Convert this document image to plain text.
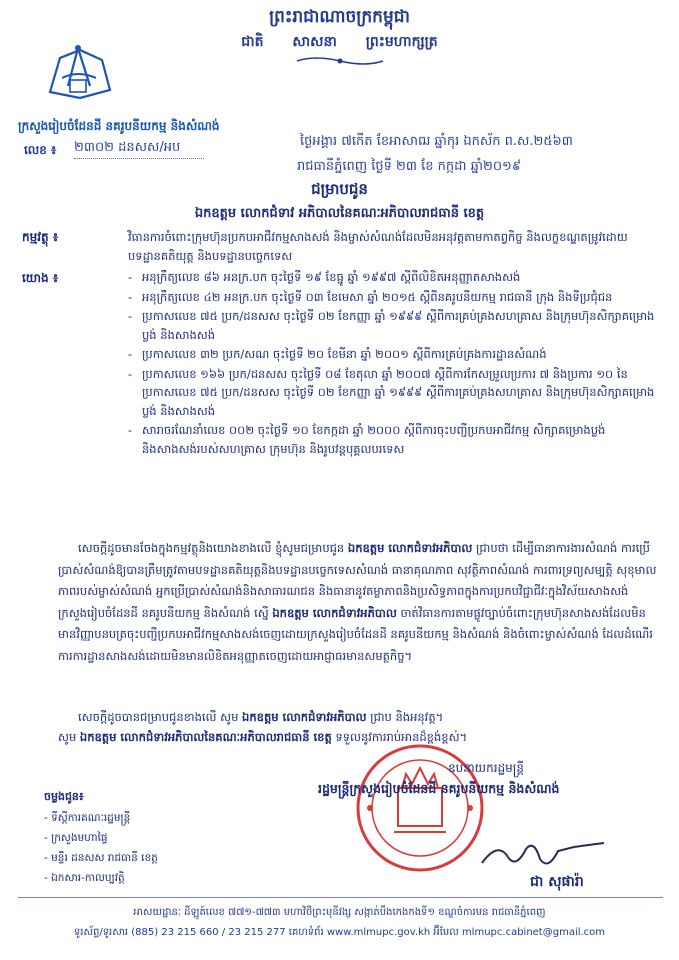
ព្រះរាជាណាចក្រកម្ពុជា
ជាតិ សាសនា ព្រះមហាក្សត្រ
ក្រសួងរៀបចំដែនដី នគរូបនីយកម្ម និងសំណង់
លេខ ៖ ២៣០២ ដនសស/អប	ថ្ងៃអង្គារ ៧កើត ខែអាសាឍ ឆ្នាំកុរ ឯកស័ក ព.ស.២៥៦៣
រាជធានីភ្នំពេញ ថ្ងៃទី ២៣ ខែ កក្កដា ឆ្នាំ២០១៩
ជម្រាបជូន
ឯកឧត្តម លោកជំទាវ អភិបាលនៃគណៈអភិបាលរាជធានី ខេត្ត
កម្មវត្ថុ ៖	វិធានការចំពោះក្រុមហ៊ុនប្រកបអាជីវកម្មសាងសង់ និងម្ចាស់សំណង់ដែលមិនអនុវត្តតាមកាតព្វកិច្ច និងលក្ខខណ្ឌតម្រូវដោយបទដ្ឋានគតិយុត្ត និងបទដ្ឋានបច្ចេកទេស
យោង ៖
-	អនុក្រឹត្យលេខ ៨៦ អនក្រ.បក ចុះថ្ងៃទី ១៩ ខែធ្នូ ឆ្នាំ ១៩៩៧ ស្តីពីលិខិតអនុញ្ញាតសាងសង់
- អនុក្រឹត្យលេខ ៤២ អនក្រ.បក ចុះថ្ងៃទី ០៣ ខែមេសា ឆ្នាំ ២០១៥ ស្តីពីនគរូបនីយកម្ម រាជធានី ក្រុង និងទីប្រជុំជន
- ប្រកាសលេខ ៧៥ ប្រក/ដនសស ចុះថ្ងៃទី ០២ ខែកញ្ញា ឆ្នាំ ១៩៩៩ ស្តីពីការគ្រប់គ្រងសហគ្រាស និងក្រុមហ៊ុនសិក្សាគម្រោងប្លង់ និងសាងសង់
- ប្រកាសលេខ ៣២ ប្រក/សណ ចុះថ្ងៃទី ២០ ខែមីនា ឆ្នាំ ២០០១ ស្តីពីការគ្រប់គ្រងការដ្ឋានសំណង់
- ប្រកាសលេខ ១៦៦ ប្រក/ដនសស ចុះថ្ងៃទី ០៨ ខែតុលា ឆ្នាំ ២០០៧ ស្តីពីការកែសម្រួលប្រការ ៧ និងប្រការ ១០ នៃប្រកាសលេខ ៧៥ ប្រក/ដនសស ចុះថ្ងៃទី ០២ ខែកញ្ញា ឆ្នាំ ១៩៩៩ ស្តីពីការគ្រប់គ្រងសហគ្រាស និងក្រុមហ៊ុនសិក្សាគម្រោងប្លង់ និងសាងសង់
- សារាចរណែនាំលេខ ០០២ ចុះថ្ងៃទី ១០ ខែកក្កដា ឆ្នាំ ២០០០ ស្តីពីការចុះបញ្ជីប្រកបអាជីវកម្ម សិក្សាគម្រោងប្លង់ និងសាងសង់របស់សហគ្រាស ក្រុមហ៊ុន និងរូបវន្តបុគ្គលបរទេស

សេចក្តីដូចមានចែងក្នុងកម្មវត្ថុនិងយោងខាងលើ ខ្ញុំសូមជម្រាបជូន ឯកឧត្តម លោកជំទាវអភិបាល ជ្រាបថា ដើម្បីធានាការងារសំណង់ ការប្រើប្រាស់សំណង់ឱ្យបានត្រឹមត្រូវតាមបទដ្ឋានគតិយុត្តនិងបទដ្ឋានបច្ចេកទេសសំណង់ ធានាគុណភាព សុវត្ថិភាពសំណង់ ការពារទ្រព្យសម្បត្តិ សុខុមាលភាពរបស់ម្ចាស់សំណង់ អ្នកប្រើប្រាស់សំណង់និងសាធារណជន និងធានានូវតម្លាភាពនិងប្រសិទ្ធភាពក្នុងការប្រកបវិជ្ជាជីវៈក្នុងវិស័យសាងសង់ ក្រសួងរៀបចំដែនដី នគរូបនីយកម្ម និងសំណង់ ស្នើ ឯកឧត្តម លោកជំទាវអភិបាល ចាត់វិធានការតាមផ្លូវច្បាប់ចំពោះក្រុមហ៊ុនសាងសង់ដែលមិនមានវិញ្ញាបនបត្រចុះបញ្ជីប្រកបអាជីវកម្មសាងសង់ចេញដោយក្រសួងរៀបចំដែនដី នគរូបនីយកម្ម និងសំណង់ និងចំពោះម្ចាស់សំណង់ ដែលដំណើរការការដ្ឋានសាងសង់ដោយមិនមានលិខិតអនុញ្ញាតចេញដោយអាជ្ញាធរមានសមត្ថកិច្ច។

សេចក្តីដូចបានជម្រាបជូនខាងលើ សូម ឯកឧត្តម លោកជំទាវអភិបាល ជ្រាប និងអនុវត្ត។
សូម ឯកឧត្តម លោកជំទាវអភិបាលនៃគណៈអភិបាលរាជធានី ខេត្ត ទទួលនូវការរាប់អានដ៏ខ្ពង់ខ្ពស់។
ឧបនាយករដ្ឋមន្ត្រី
រដ្ឋមន្ត្រីក្រសួងរៀបចំដែនដី នគរូបនីយកម្ម និងសំណង់
ជា សុផារ៉ា
ចម្លងជូន៖
- ទីស្តីការគណៈរដ្ឋមន្ត្រី
- ក្រសួងមហាផ្ទៃ
- មន្ទីរ ដនសស រាជធានី ខេត្ត
- ឯកសារ-កាលប្បវត្តិ
អាសយដ្ឋានៈ ដីឡូត៍លេខ ៧៧១-៧៧៣ មហាវិថីព្រះមុនីវង្ស សង្កាត់បឹងកេងកងទី១ ខណ្ឌចំការមន រាជធានីភ្នំពេញ
ទូរស័ព្ទ/ទូរសារ (885) 23 215 660 / 23 215 277 គេហទំព័រ www.mlmupc.gov.kh អ៊ីមែល mlmupc.cabinet@gmail.com
